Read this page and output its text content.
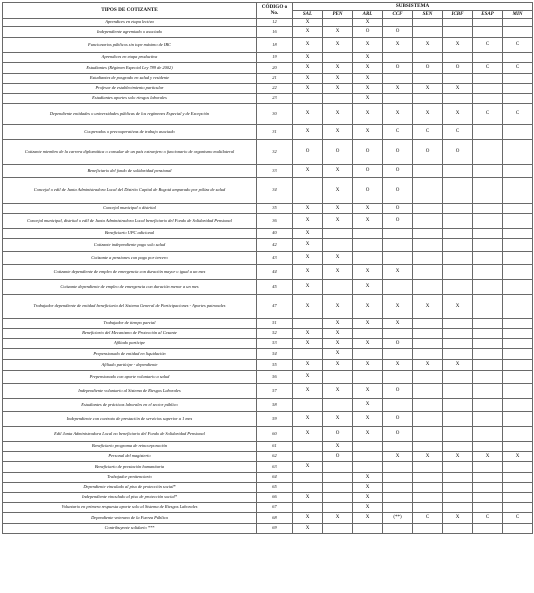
TIPOS DE COTIZANTE	CÓDIGO o No.	SUBSISTEMA							
		SAL	PEN	ARL	CCF	SEN	ICBF	ESAP	MIN
Aprendices en etapa lectiva	12	X		X					
Independiente agremiado o asociado	16	X	X	O	O				
Funcionarios públicos sin tope máximo de IBC	18	X	X	X	X	X	X	C	C
Aprendices en etapa productiva	19	X		X					
Estudiantes (Régimen Especial Ley 789 de 2002)	20	X	X	X	O	O	O	C	C
Estudiantes de posgrado en salud y residente	21	X	X	X					
Profesor de establecimiento particular	22	X	X	X	X	X	X		
Estudiantes aportes solo riesgos laborales	23			X					
Dependiente entidades o universidades públicas de los regímenes Especial y de Excepción	30	X	X	X	X	X	X	C	C
Cooperados o precooperativas de trabajo asociado	31	X	X	X	C	C	C		
Cotizante miembro de la carrera diplomática o consular de un país extranjero o funcionario de organismo multilateral	32	O	O	O	O	O	O		
Beneficiario del fondo de solidaridad pensional	33	X	X	O	O				
Concejal o edil de Junta Administradora Local del Distrito Capital de Bogotá amparado por póliza de salud	34		X	O	O				
Concejal municipal o distrital	35	X	X	X	O				
Concejal municipal, distrital o edil de Junta Administradora Local beneficiario del Fondo de Solidaridad Pensional	36	X	X	X	O				
Beneficiario UPC adicional	40	X							
Cotizante independiente pago solo salud	42	X							
Cotizante a pensiones con pago por tercero	43	X	X						
Cotizante dependiente de empleo de emergencia con duración mayor o igual a un mes	44	X	X	X	X				
Cotizante dependiente de empleo de emergencia con duración menor a un mes	45	X		X					
Trabajador dependiente de entidad beneficiaria del Sistema General de Participaciones - Aportes patronales	47	X	X	X	X	X	X		
Trabajador de tiempo parcial	51		X	X	X				
Beneficiario del Mecanismo de Protección al Cesante	52	X	X						
Afiliado partícipe	53	X	X	X	O				
Prepensionado de entidad en liquidación	54		X						
Afiliado partícipe - dependiente	55	X	X	X	X	X	X		
Prepensionado con aporte voluntario a salud	56	X							
Independiente voluntario al Sistema de Riesgos Laborales	57	X	X	X	O				
Estudiantes de prácticas laborales en el sector público	58			X					
Independiente con contrato de prestación de servicios superior a 1 mes	59	X	X	X	O				
Edil Junta Administradora Local no beneficiario del Fondo de Solidaridad Pensional	60	X	O	X	O				
Beneficiario programa de reincorporación	61		X						
Personal del magisterio	62		O		X	X	X	X	X
Beneficiario de prestación humanitaria	63	X							
Trabajador penitenciario	64			X					
Dependiente vinculado al piso de protección social*	65			X					
Independiente vinculado al piso de protección social*	66	X		X					
Voluntario en primera respuesta aporte solo al Sistema de Riesgos Laborales	67			X					
Dependiente veterano de la Fuerza Pública	68	X	X	X	(**)	C	X	C	C
Contribuyente solidario ***	69	X							
